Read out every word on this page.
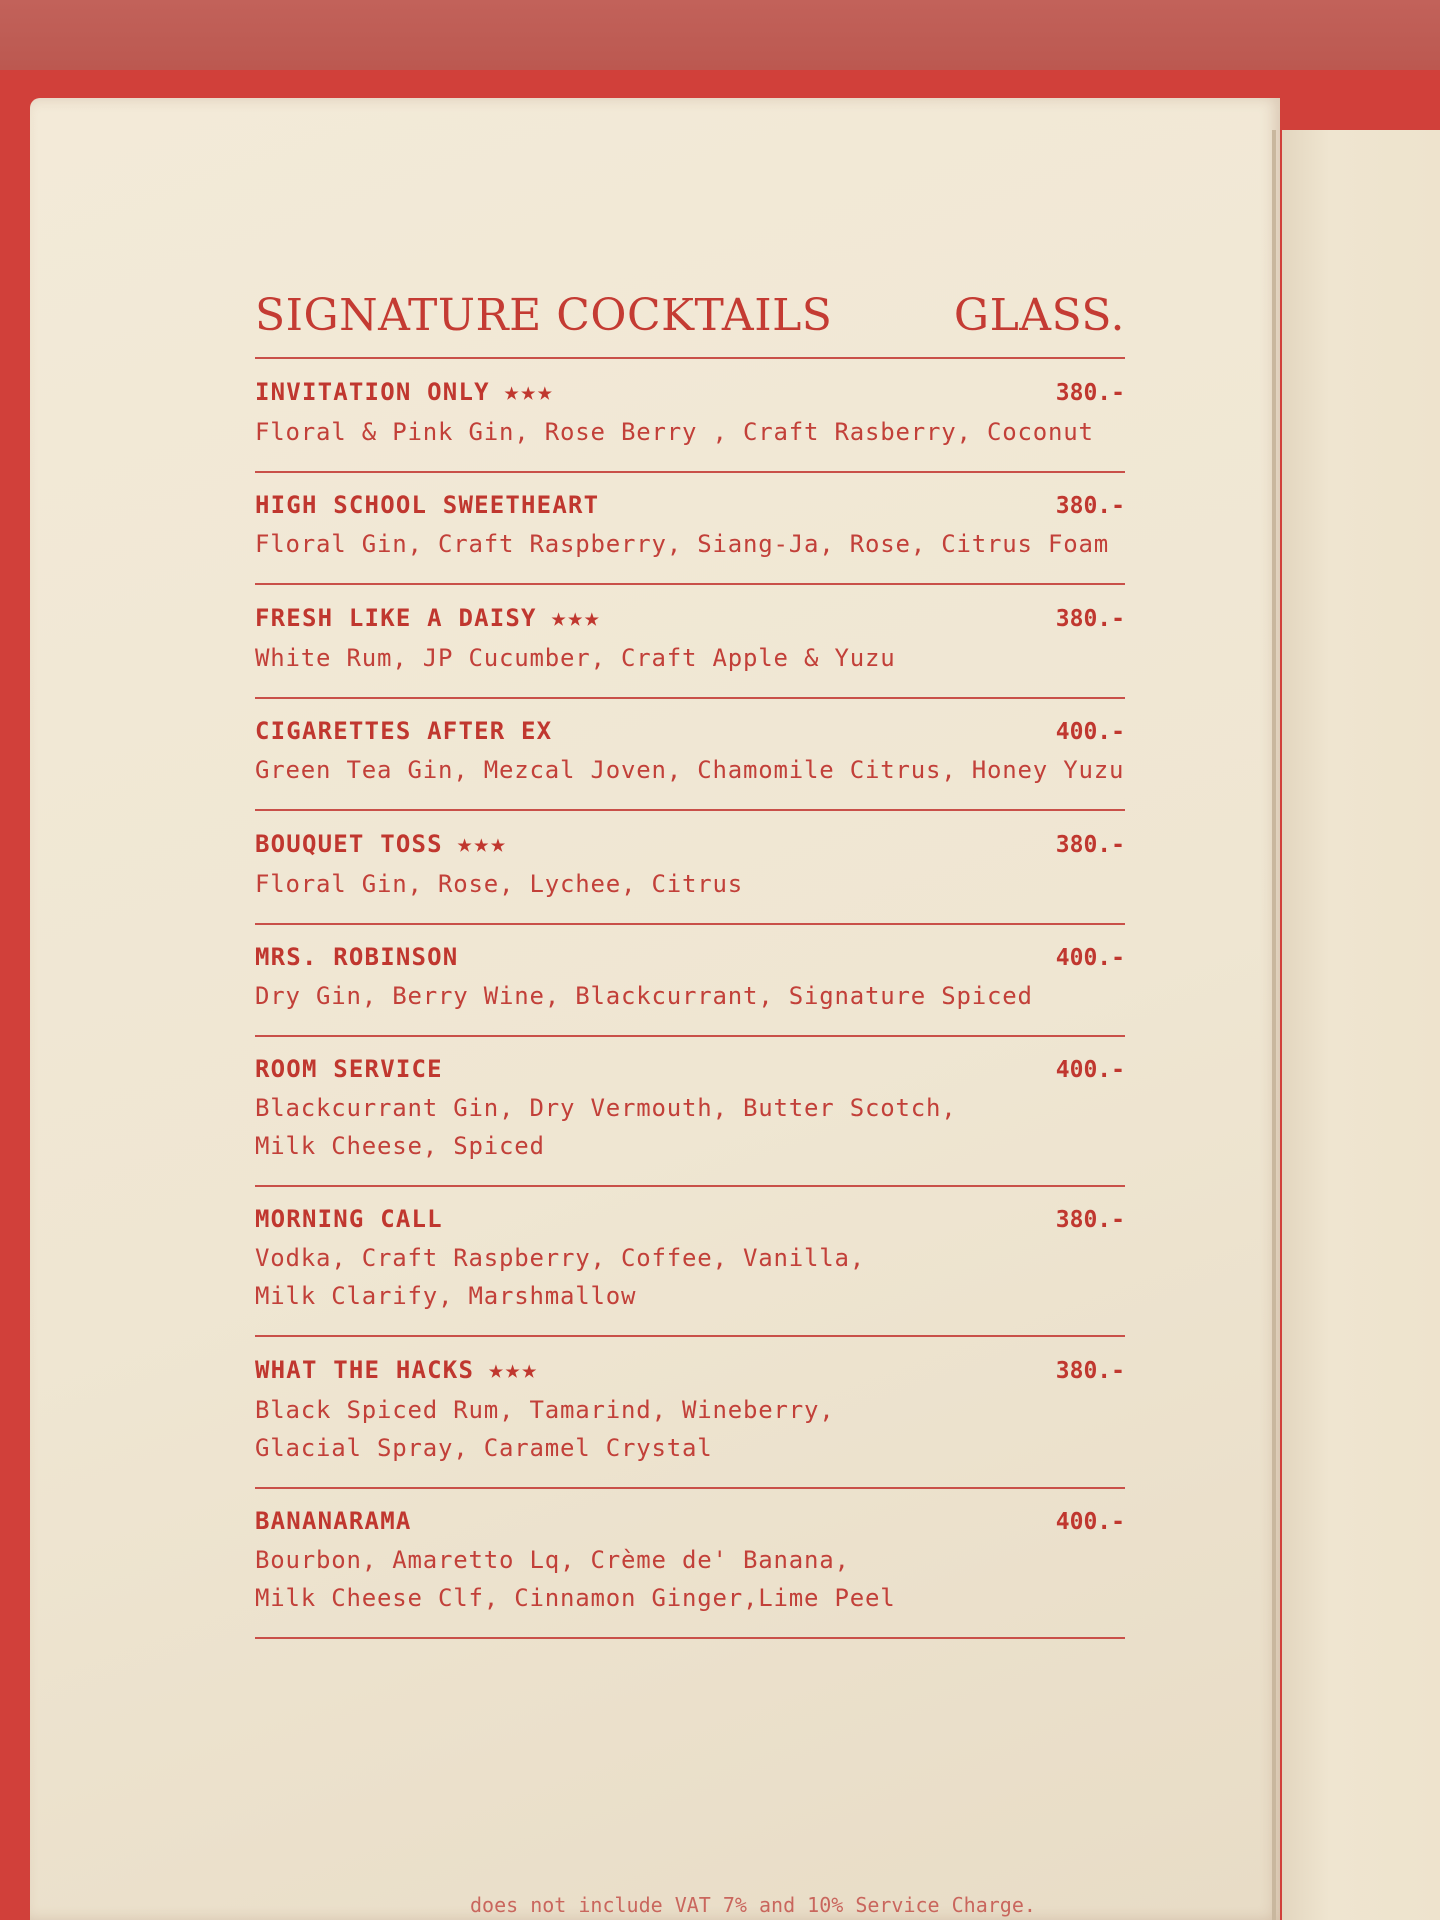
SIGNATURE COCKTAILS	GLASS.
INVITATION ONLY ★★★	380.-
Floral & Pink Gin, Rose Berry , Craft Rasberry, Coconut
HIGH SCHOOL SWEETHEART	380.-
Floral Gin, Craft Raspberry, Siang-Ja, Rose, Citrus Foam
FRESH LIKE A DAISY ★★★	380.-
White Rum, JP Cucumber, Craft Apple & Yuzu
CIGARETTES AFTER EX	400.-
Green Tea Gin, Mezcal Joven, Chamomile Citrus, Honey Yuzu
BOUQUET TOSS ★★★	380.-
Floral Gin, Rose, Lychee, Citrus
MRS. ROBINSON	400.-
Dry Gin, Berry Wine, Blackcurrant, Signature Spiced
ROOM SERVICE	400.-
Blackcurrant Gin, Dry Vermouth, Butter Scotch,
Milk Cheese, Spiced
MORNING CALL	380.-
Vodka, Craft Raspberry, Coffee, Vanilla,
Milk Clarify, Marshmallow
WHAT THE HACKS ★★★	380.-
Black Spiced Rum, Tamarind, Wineberry,
Glacial Spray, Caramel Crystal
BANANARAMA	400.-
Bourbon, Amaretto Lq, Crème de' Banana,
Milk Cheese Clf, Cinnamon Ginger,Lime Peel
does not include VAT 7% and 10% Service Charge.
